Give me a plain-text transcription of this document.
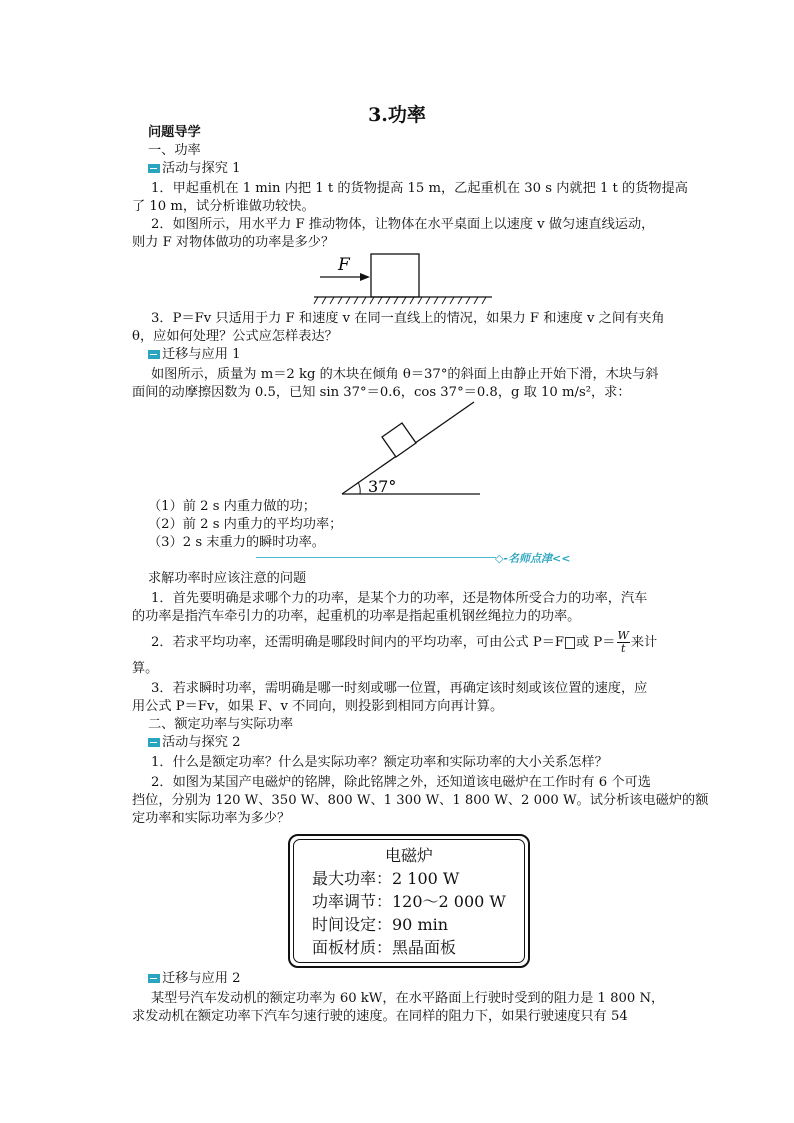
3.功率
问题导学
一、功率
活动与探究 1
1．甲起重机在 1 min 内把 1 t 的货物提高 15 m，乙起重机在 30 s 内就把 1 t 的货物提高
了 10 m，试分析谁做功较快。
2．如图所示，用水平力 F 推动物体，让物体在水平桌面上以速度 v 做匀速直线运动，
则力 F 对物体做功的功率是多少？
F
3．P＝Fv 只适用于力 F 和速度 v 在同一直线上的情况，如果力 F 和速度 v 之间有夹角
θ，应如何处理？公式应怎样表达？
迁移与应用 1
如图所示，质量为 m＝2 kg 的木块在倾角 θ＝37°的斜面上由静止开始下滑，木块与斜
面间的动摩擦因数为 0.5，已知 sin 37°＝0.6，cos 37°＝0.8，g 取 10 m/s²，求：
37°
（1）前 2 s 内重力做的功；
（2）前 2 s 内重力的平均功率；
（3）2 s 末重力的瞬时功率。
◇-名师点津<<
求解功率时应该注意的问题
1．首先要明确是求哪个力的功率，是某个力的功率，还是物体所受合力的功率，汽车
的功率是指汽车牵引力的功率，起重机的功率是指起重机钢丝绳拉力的功率。
2．若求平均功率，还需明确是哪段时间内的平均功率，可由公式 P＝F 或 $P= \frac{W}{t}$ 来计
算。
3．若求瞬时功率，需明确是哪一时刻或哪一位置，再确定该时刻或该位置的速度，应
用公式 P＝Fv，如果 F、v 不同向，则投影到相同方向再计算。
二、额定功率与实际功率
活动与探究 2
1．什么是额定功率？什么是实际功率？额定功率和实际功率的大小关系怎样？
2．如图为某国产电磁炉的铭牌，除此铭牌之外，还知道该电磁炉在工作时有 6 个可选
挡位，分别为 120 W、350 W、800 W、1 300 W、1 800 W、2 000 W。试分析该电磁炉的额
定功率和实际功率为多少？
电磁炉
最大功率：2 100 W
功率调节：120～2 000 W
时间设定：90 min
面板材质：黑晶面板
迁移与应用 2
某型号汽车发动机的额定功率为 60 kW，在水平路面上行驶时受到的阻力是 1 800 N，
求发动机在额定功率下汽车匀速行驶的速度。在同样的阻力下，如果行驶速度只有 54
